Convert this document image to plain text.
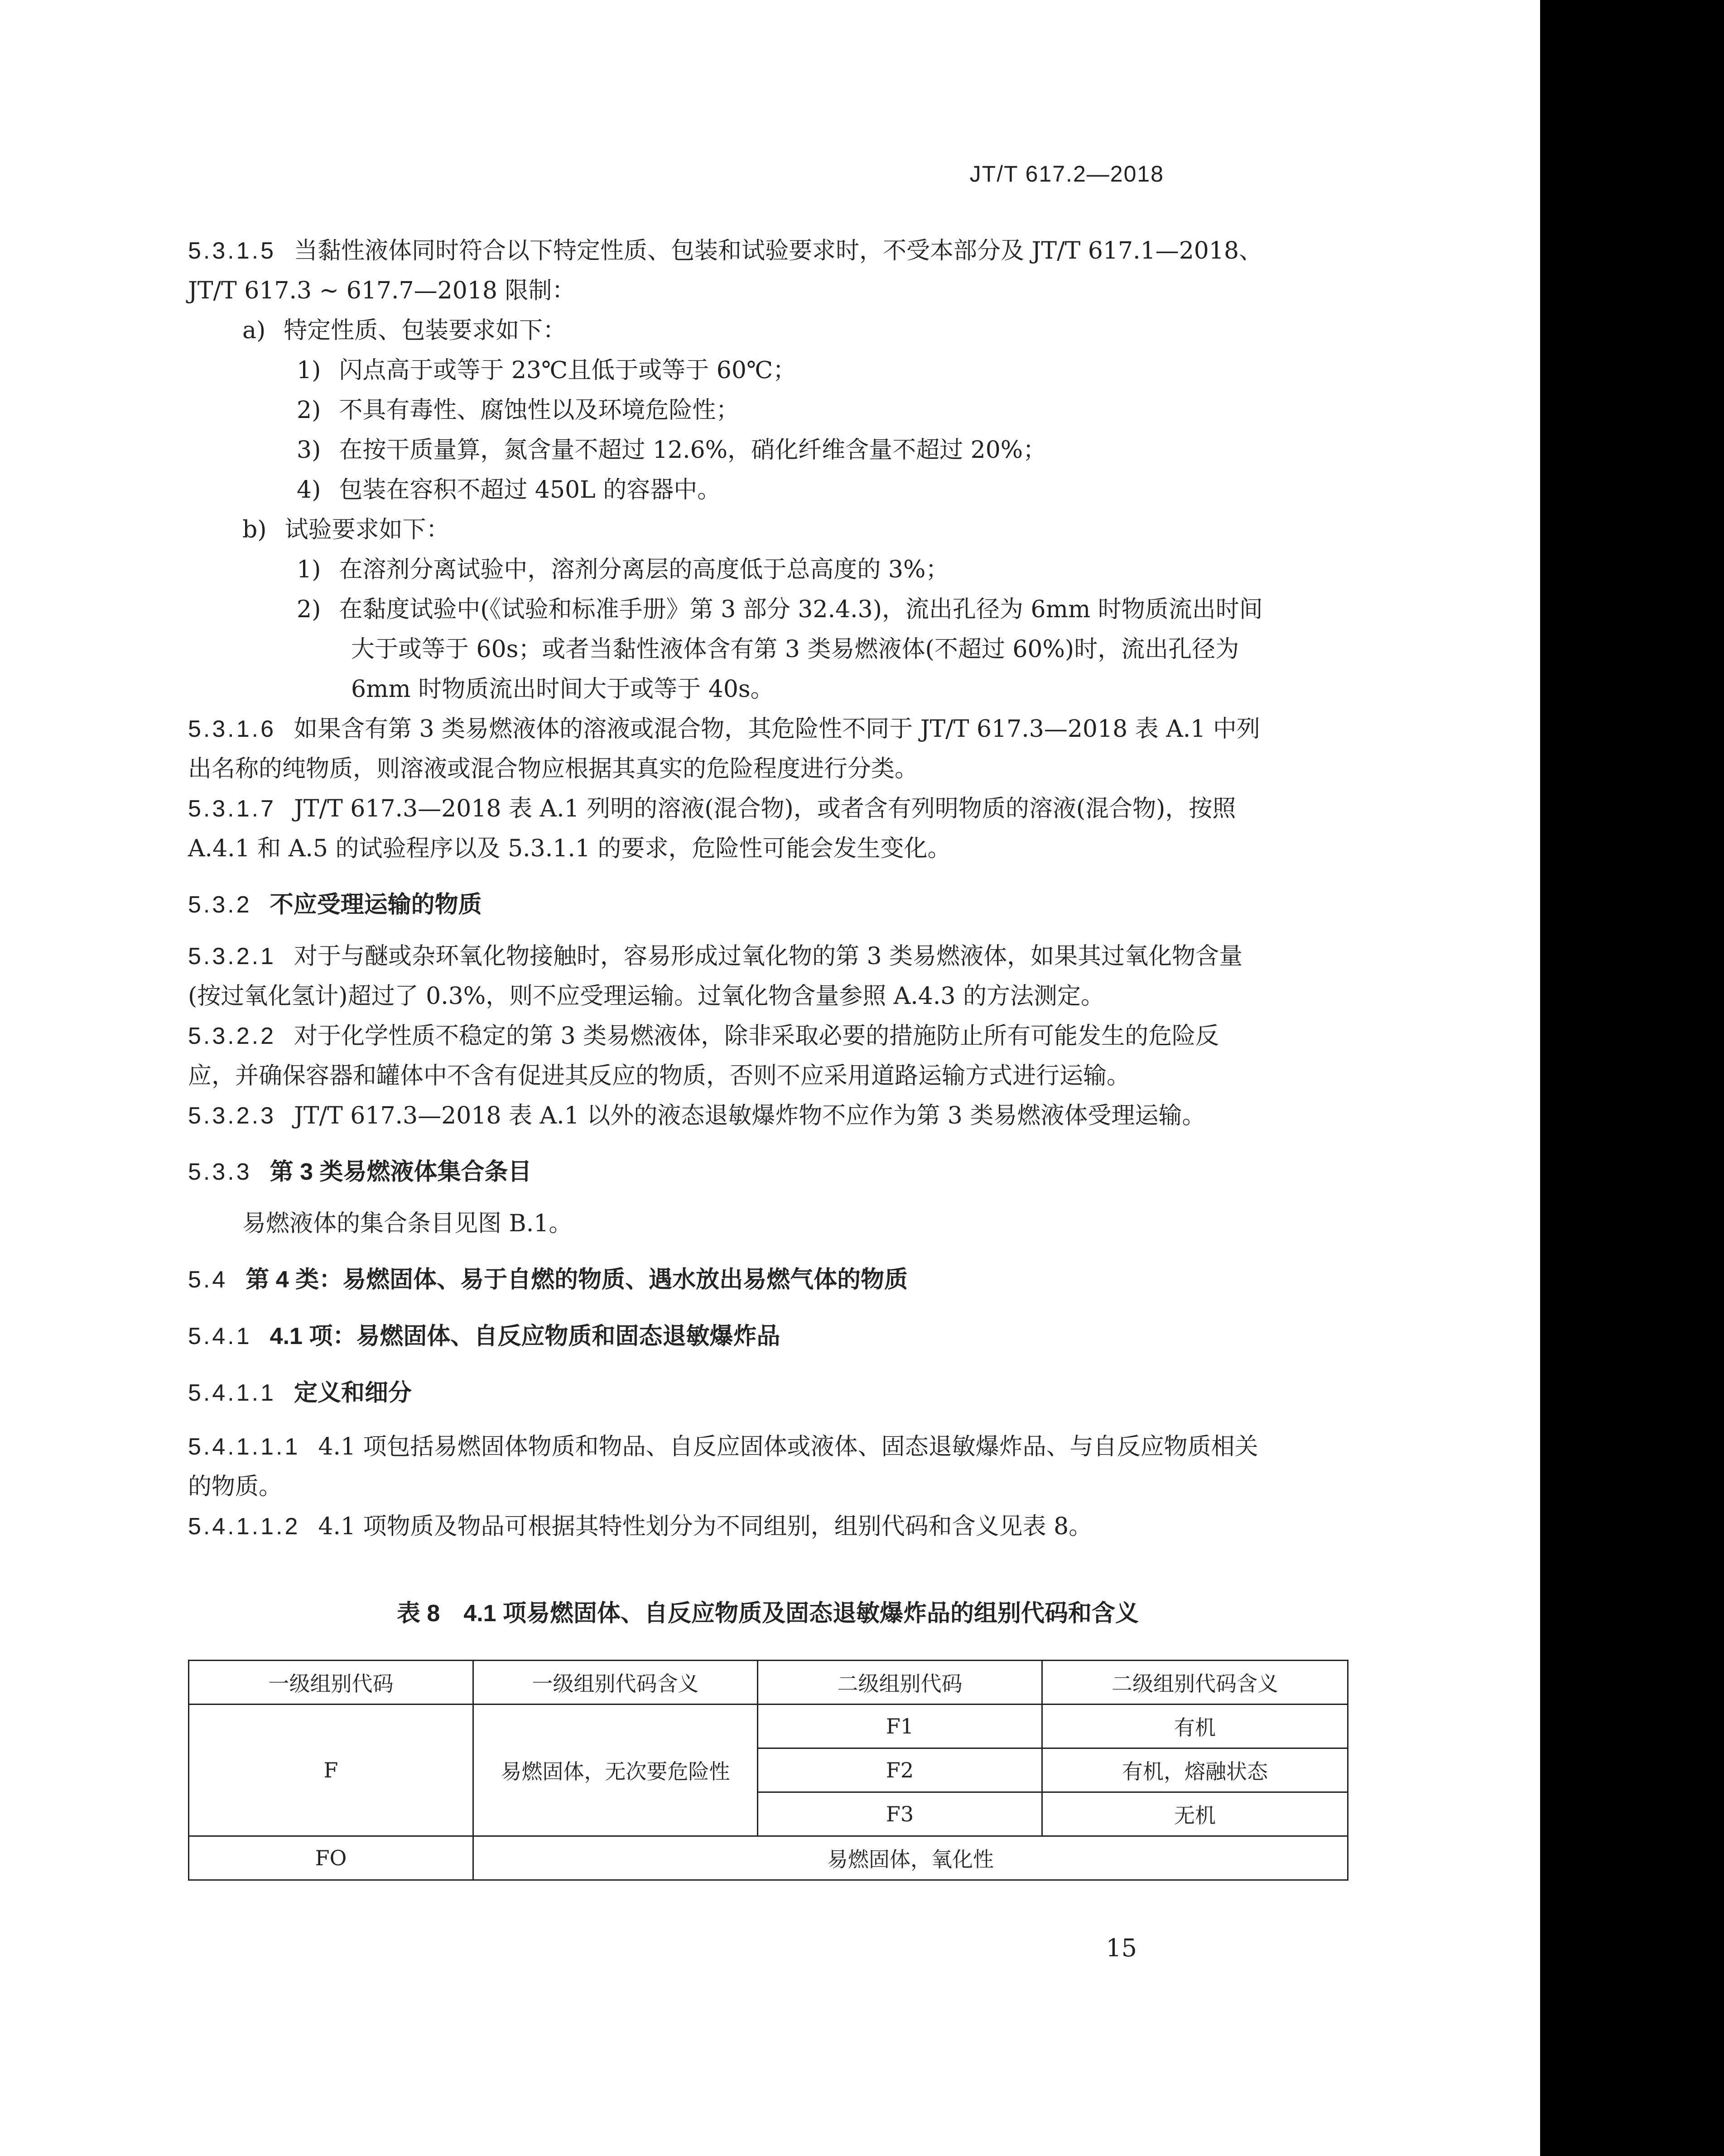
JT/T 617.2—2018

5.3.1.5 当黏性液体同时符合以下特定性质、包装和试验要求时，不受本部分及 JT/T 617.1—2018、

JT/T 617.3 ~ 617.7—2018 限制：

a) 特定性质、包装要求如下：

1) 闪点高于或等于 23℃且低于或等于 60℃；

2) 不具有毒性、腐蚀性以及环境危险性；

3) 在按干质量算，氮含量不超过 12.6%，硝化纤维含量不超过 20%；

4) 包装在容积不超过 450L 的容器中。

b) 试验要求如下：

1) 在溶剂分离试验中，溶剂分离层的高度低于总高度的 3%；

2) 在黏度试验中(《试验和标准手册》第 3 部分 32.4.3)，流出孔径为 6mm 时物质流出时间

大于或等于 60s；或者当黏性液体含有第 3 类易燃液体(不超过 60%)时，流出孔径为

6mm 时物质流出时间大于或等于 40s。

5.3.1.6 如果含有第 3 类易燃液体的溶液或混合物，其危险性不同于 JT/T 617.3—2018 表 A.1 中列

出名称的纯物质，则溶液或混合物应根据其真实的危险程度进行分类。

5.3.1.7 JT/T 617.3—2018 表 A.1 列明的溶液(混合物)，或者含有列明物质的溶液(混合物)，按照

A.4.1 和 A.5 的试验程序以及 5.3.1.1 的要求，危险性可能会发生变化。

5.3.2 不应受理运输的物质

5.3.2.1 对于与醚或杂环氧化物接触时，容易形成过氧化物的第 3 类易燃液体，如果其过氧化物含量

(按过氧化氢计)超过了 0.3%，则不应受理运输。过氧化物含量参照 A.4.3 的方法测定。

5.3.2.2 对于化学性质不稳定的第 3 类易燃液体，除非采取必要的措施防止所有可能发生的危险反

应，并确保容器和罐体中不含有促进其反应的物质，否则不应采用道路运输方式进行运输。

5.3.2.3 JT/T 617.3—2018 表 A.1 以外的液态退敏爆炸物不应作为第 3 类易燃液体受理运输。

5.3.3 第 3 类易燃液体集合条目

易燃液体的集合条目见图 B.1。

5.4 第 4 类：易燃固体、易于自燃的物质、遇水放出易燃气体的物质

5.4.1 4.1 项：易燃固体、自反应物质和固态退敏爆炸品

5.4.1.1 定义和细分

5.4.1.1.1 4.1 项包括易燃固体物质和物品、自反应固体或液体、固态退敏爆炸品、与自反应物质相关

的物质。

5.4.1.1.2 4.1 项物质及物品可根据其特性划分为不同组别，组别代码和含义见表 8。

表 8　4.1 项易燃固体、自反应物质及固态退敏爆炸品的组别代码和含义
一级组别代码	一级组别代码含义	二级组别代码	二级组别代码含义
F	易燃固体，无次要危险性	F1	有机
		F2	有机，熔融状态
		F3	无机
FO	易燃固体，氧化性		
15
